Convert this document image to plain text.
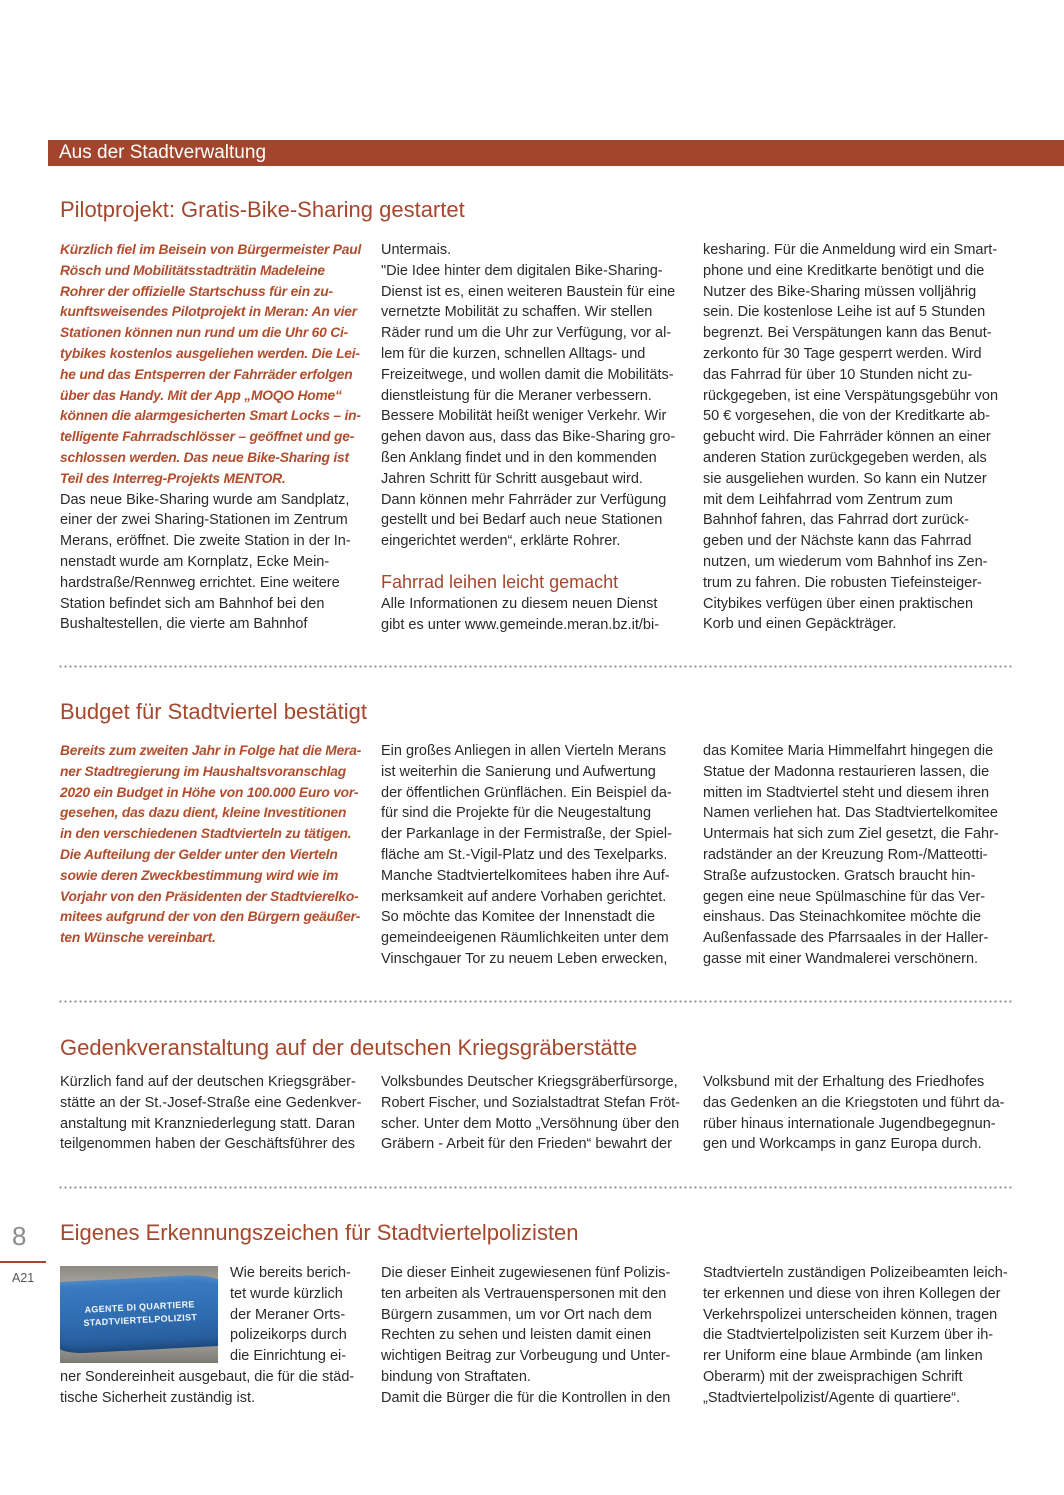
Aus der Stadtverwaltung
Pilotprojekt: Gratis-Bike-Sharing gestartet
Kürzlich fiel im Beisein von Bürgermeister Paul
Rösch und Mobilitätsstadträtin Madeleine
Rohrer der offizielle Startschuss für ein zu-
kunftsweisendes Pilotprojekt in Meran: An vier
Stationen können nun rund um die Uhr 60 Ci-
tybikes kostenlos ausgeliehen werden. Die Lei-
he und das Entsperren der Fahrräder erfolgen
über das Handy. Mit der App „MOQO Home“
können die alarmgesicherten Smart Locks – in-
telligente Fahrradschlösser – geöffnet und ge-
schlossen werden. Das neue Bike-Sharing ist
Teil des Interreg-Projekts MENTOR.
Das neue Bike-Sharing wurde am Sandplatz,
einer der zwei Sharing-Stationen im Zentrum
Merans, eröffnet. Die zweite Station in der In-
nenstadt wurde am Kornplatz, Ecke Mein-
hardstraße/Rennweg errichtet. Eine weitere
Station befindet sich am Bahnhof bei den
Bushaltestellen, die vierte am Bahnhof
Untermais.
"Die Idee hinter dem digitalen Bike-Sharing-
Dienst ist es, einen weiteren Baustein für eine
vernetzte Mobilität zu schaffen. Wir stellen
Räder rund um die Uhr zur Verfügung, vor al-
lem für die kurzen, schnellen Alltags- und
Freizeitwege, und wollen damit die Mobilitäts-
dienstleistung für die Meraner verbessern.
Bessere Mobilität heißt weniger Verkehr. Wir
gehen davon aus, dass das Bike-Sharing gro-
ßen Anklang findet und in den kommenden
Jahren Schritt für Schritt ausgebaut wird.
Dann können mehr Fahrräder zur Verfügung
gestellt und bei Bedarf auch neue Stationen
eingerichtet werden“, erklärte Rohrer.
Fahrrad leihen leicht gemacht
Alle Informationen zu diesem neuen Dienst
gibt es unter www.gemeinde.meran.bz.it/bi-
kesharing. Für die Anmeldung wird ein Smart-
phone und eine Kreditkarte benötigt und die
Nutzer des Bike-Sharing müssen volljährig
sein. Die kostenlose Leihe ist auf 5 Stunden
begrenzt. Bei Verspätungen kann das Benut-
zerkonto für 30 Tage gesperrt werden. Wird
das Fahrrad für über 10 Stunden nicht zu-
rückgegeben, ist eine Verspätungsgebühr von
50 € vorgesehen, die von der Kreditkarte ab-
gebucht wird. Die Fahrräder können an einer
anderen Station zurückgegeben werden, als
sie ausgeliehen wurden. So kann ein Nutzer
mit dem Leihfahrrad vom Zentrum zum
Bahnhof fahren, das Fahrrad dort zurück-
geben und der Nächste kann das Fahrrad
nutzen, um wiederum vom Bahnhof ins Zen-
trum zu fahren. Die robusten Tiefeinsteiger-
Citybikes verfügen über einen praktischen
Korb und einen Gepäckträger.
Budget für Stadtviertel bestätigt
Bereits zum zweiten Jahr in Folge hat die Mera-
ner Stadtregierung im Haushaltsvoranschlag
2020 ein Budget in Höhe von 100.000 Euro vor-
gesehen, das dazu dient, kleine Investitionen
in den verschiedenen Stadtvierteln zu tätigen.
Die Aufteilung der Gelder unter den Vierteln
sowie deren Zweckbestimmung wird wie im
Vorjahr von den Präsidenten der Stadtvierelko-
mitees aufgrund der von den Bürgern geäußer-
ten Wünsche vereinbart.
Ein großes Anliegen in allen Vierteln Merans
ist weiterhin die Sanierung und Aufwertung
der öffentlichen Grünflächen. Ein Beispiel da-
für sind die Projekte für die Neugestaltung
der Parkanlage in der Fermistraße, der Spiel-
fläche am St.-Vigil-Platz und des Texelparks.
Manche Stadtviertelkomitees haben ihre Auf-
merksamkeit auf andere Vorhaben gerichtet.
So möchte das Komitee der Innenstadt die
gemeindeeigenen Räumlichkeiten unter dem
Vinschgauer Tor zu neuem Leben erwecken,
das Komitee Maria Himmelfahrt hingegen die
Statue der Madonna restaurieren lassen, die
mitten im Stadtviertel steht und diesem ihren
Namen verliehen hat. Das Stadtviertelkomitee
Untermais hat sich zum Ziel gesetzt, die Fahr-
radständer an der Kreuzung Rom-/Matteotti-
Straße aufzustocken. Gratsch braucht hin-
gegen eine neue Spülmaschine für das Ver-
einshaus. Das Steinachkomitee möchte die
Außenfassade des Pfarrsaales in der Haller-
gasse mit einer Wandmalerei verschönern.
Gedenkveranstaltung auf der deutschen Kriegsgräberstätte
Kürzlich fand auf der deutschen Kriegsgräber-
stätte an der St.-Josef-Straße eine Gedenkver-
anstaltung mit Kranzniederlegung statt. Daran
teilgenommen haben der Geschäftsführer des
Volksbundes Deutscher Kriegsgräberfürsorge,
Robert Fischer, und Sozialstadtrat Stefan Fröt-
scher. Unter dem Motto „Versöhnung über den
Gräbern - Arbeit für den Frieden“ bewahrt der
Volksbund mit der Erhaltung des Friedhofes
das Gedenken an die Kriegstoten und führt da-
rüber hinaus internationale Jugendbegegnun-
gen und Workcamps in ganz Europa durch.
8
A21
Eigenes Erkennungszeichen für Stadtviertelpolizisten
AGENTE DI QUARTIERE
STADTVIERTELPOLIZIST
Wie bereits berich-
tet wurde kürzlich
der Meraner Orts-
polizeikorps durch
die Einrichtung ei-
ner Sondereinheit ausgebaut, die für die städ-
tische Sicherheit zuständig ist.
Die dieser Einheit zugewiesenen fünf Polizis-
ten arbeiten als Vertrauenspersonen mit den
Bürgern zusammen, um vor Ort nach dem
Rechten zu sehen und leisten damit einen
wichtigen Beitrag zur Vorbeugung und Unter-
bindung von Straftaten.
Damit die Bürger die für die Kontrollen in den
Stadtvierteln zuständigen Polizeibeamten leich-
ter erkennen und diese von ihren Kollegen der
Verkehrspolizei unterscheiden können, tragen
die Stadtviertelpolizisten seit Kurzem über ih-
rer Uniform eine blaue Armbinde (am linken
Oberarm) mit der zweisprachigen Schrift
„Stadtviertelpolizist/Agente di quartiere“.
